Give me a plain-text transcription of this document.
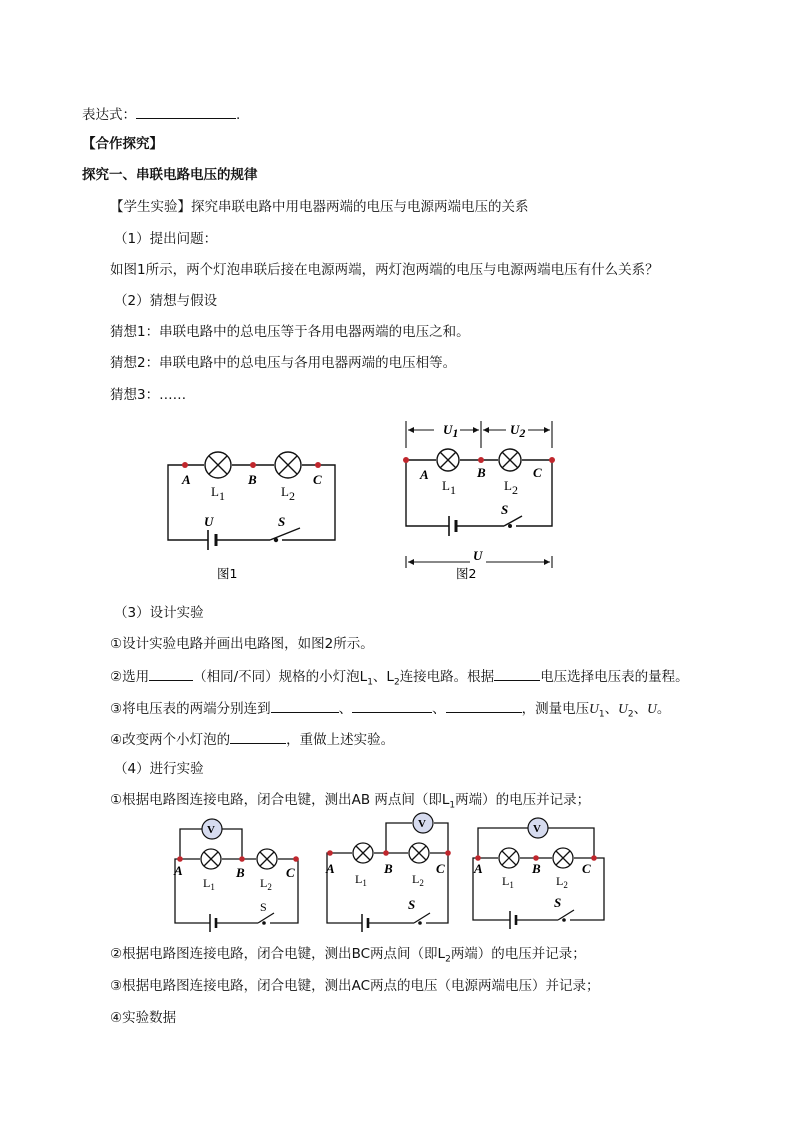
表达式：	.
【合作探究】
探究一、串联电路电压的规律
【学生实验】探究串联电路中用电器两端的电压与电源两端电压的关系
（1）提出问题：
如图1所示，两个灯泡串联后接在电源两端，两灯泡两端的电压与电源两端电压有什么关系？
（2）猜想与假设
猜想1：串联电路中的总电压等于各用电器两端的电压之和。
猜想2：串联电路中的总电压与各用电器两端的电压相等。
猜想3：……
A	B	C
L1	L2
U	S
图1
U1	U2
A	B	C
L1	L2
S
U
图2
（3）设计实验
①设计实验电路并画出电路图，如图2所示。
②选用	（相同/不同）规格的小灯泡$L_1$、$L_2$连接电路。根据	电压选择电压表的量程。
③将电压表的两端分别连到	、	、	，测量电压$U_1$、$U_2$、U。
④改变两个小灯泡的	，重做上述实验。
（4）进行实验
①根据电路图连接电路，闭合电键，测出AB 两点间（即$L_1$两端）的电压并记录；
V
A	B	C
$L_1$	$L_2$
S
V
A	B	C
$L_1$	$L_2$
S
V
A	B	C
$L_1$	$L_2$
S
②根据电路图连接电路，闭合电键，测出BC两点间（即$L_2$两端）的电压并记录；
③根据电路图连接电路，闭合电键，测出AC两点的电压（电源两端电压）并记录；
④实验数据
